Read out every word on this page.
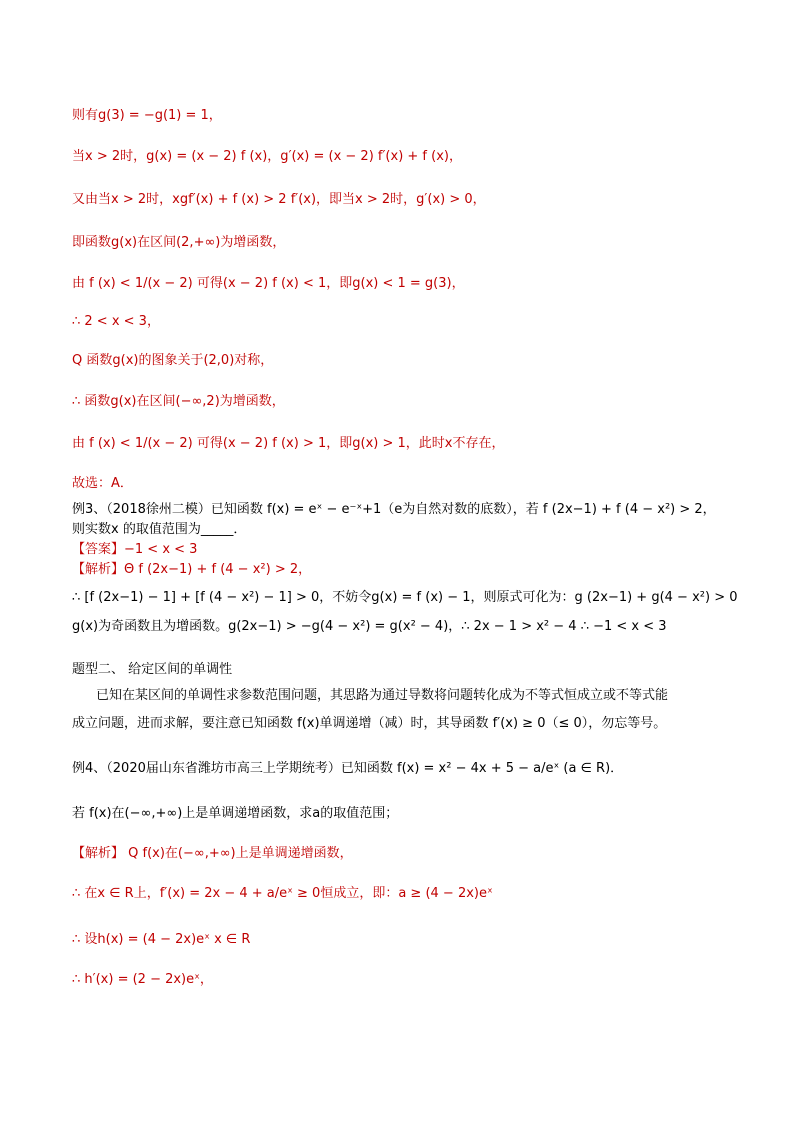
则有g(3) = −g(1) = 1，
当x > 2时，g(x) = (x − 2) f (x)，g′(x) = (x − 2) f′(x) + f (x)，
又由当x > 2时，xgf′(x) + f (x) > 2 f′(x)，即当x > 2时，g′(x) > 0，
即函数g(x)在区间(2,+∞)为增函数，
由 f (x) < 1/(x − 2) 可得(x − 2) f (x) < 1，即g(x) < 1 = g(3)，
∴ 2 < x < 3，
Q 函数g(x)的图象关于(2,0)对称，
∴ 函数g(x)在区间(−∞,2)为增函数，
由 f (x) < 1/(x − 2) 可得(x − 2) f (x) > 1，即g(x) > 1，此时x不存在，
故选：A．
例3、（2018徐州二模）已知函数 f(x) = eˣ − e⁻ˣ+1（e为自然对数的底数），若 f (2x−1) + f (4 − x²) > 2，
则实数x 的取值范围为_____．
【答案】−1 < x < 3
【解析】Θ f (2x−1) + f (4 − x²) > 2，
∴ [f (2x−1) − 1] + [f (4 − x²) − 1] > 0，不妨令g(x) = f (x) − 1，则原式可化为：g (2x−1) + g(4 − x²) > 0
g(x)为奇函数且为增函数。g(2x−1) > −g(4 − x²) = g(x² − 4)，∴ 2x − 1 > x² − 4 ∴ −1 < x < 3
题型二、 给定区间的单调性
已知在某区间的单调性求参数范围问题，其思路为通过导数将问题转化成为不等式恒成立或不等式能
成立问题，进而求解，要注意已知函数 f(x)单调递增（减）时，其导函数 f′(x) ≥ 0（≤ 0），勿忘等号。
例4、（2020届山东省潍坊市高三上学期统考）已知函数 f(x) = x² − 4x + 5 − a/eˣ (a ∈ R)．
若 f(x)在(−∞,+∞)上是单调递增函数，求a的取值范围；
【解析】 Q f(x)在(−∞,+∞)上是单调递增函数，
∴ 在x ∈ R上，f′(x) = 2x − 4 + a/eˣ ≥ 0恒成立，即：a ≥ (4 − 2x)eˣ
∴ 设h(x) = (4 − 2x)eˣ x ∈ R
∴ h′(x) = (2 − 2x)eˣ，
